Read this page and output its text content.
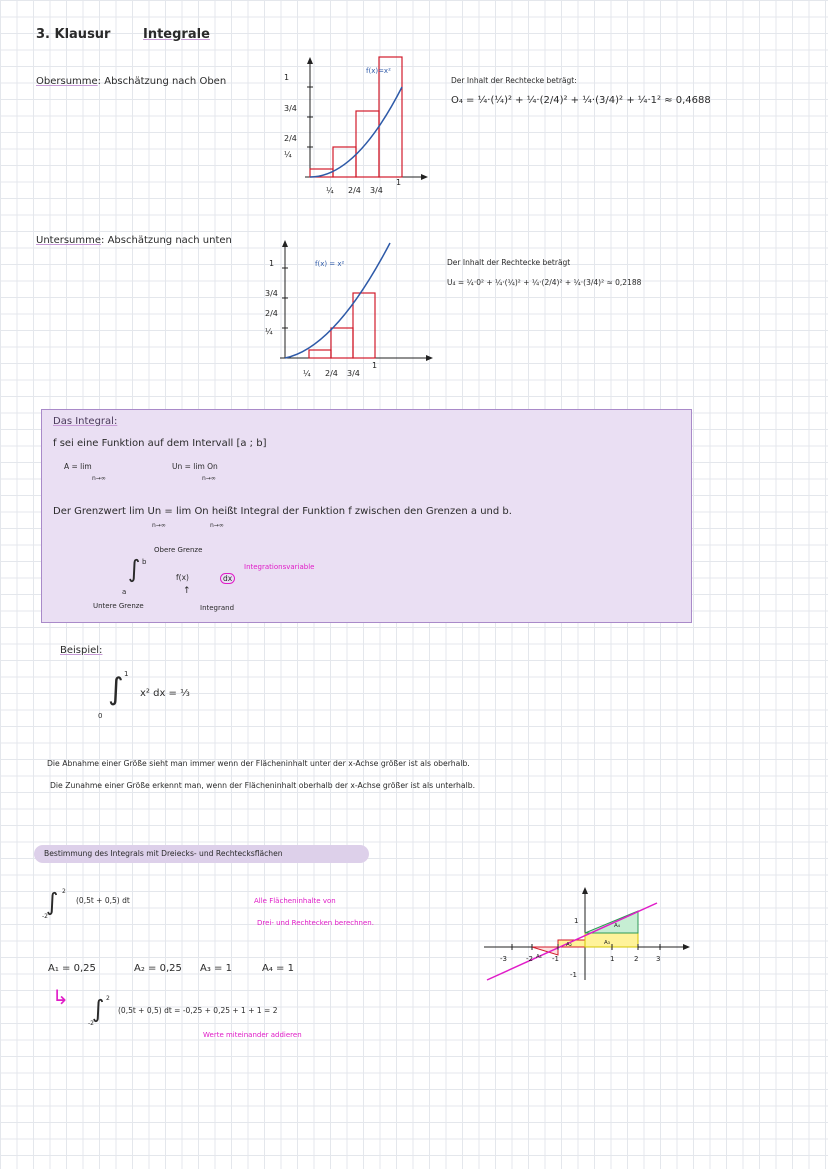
3. Klausur	Integrale
Obersumme: Abschätzung nach Oben	1
3/4
2/4
¼
¼ 2/4 3/4
1
f(x)=x²
Der Inhalt der Rechtecke beträgt:
O₄ = ¼·(¼)² + ¼·(2/4)² + ¼·(3/4)² + ¼·1² ≈ 0,4688
Untersumme: Abschätzung nach unten
1
3/4
2/4
¼
¼ 2/4 3/4
1
f(x) = x²	Der Inhalt der Rechtecke beträgt
U₄ = ¼·0² + ¼·(¼)² + ¼·(2/4)² + ¼·(3/4)² ≈ 0,2188
Das Integral:
f sei eine Funktion auf dem Intervall [a ; b]
A = lim
n→∞
Un = lim On
n→∞
Der Grenzwert lim Un = lim On heißt Integral der Funktion f zwischen den Grenzen a und b.
n→∞	n→∞
∫ b
a
Obere Grenze
f(x)	dx
↑
Untere Grenze	Integrand
Integrationsvariable
Beispiel:
∫ 1
0
x² dx = ⅓
Die Abnahme einer Größe sieht man immer wenn der Flächeninhalt unter der x-Achse größer ist als oberhalb.
Die Zunahme einer Größe erkennt man, wenn der Flächeninhalt oberhalb der x-Achse größer ist als unterhalb.
Bestimmung des Integrals mit Dreiecks- und Rechtecksflächen
∫ 2
-2
(0,5t + 0,5) dt	Alle Flächeninhalte von
Drei- und Rechtecken berechnen.
A₁ = 0,25	A₂ = 0,25 A₃ = 1	A₄ = 1
↳ ∫ 2
-2
(0,5t + 0,5) dt = -0,25 + 0,25 + 1 + 1 = 2
Werte miteinander addieren
-3	-2	-1	1	2	3
1
-1
A₁
A₂	A₃
A₄
